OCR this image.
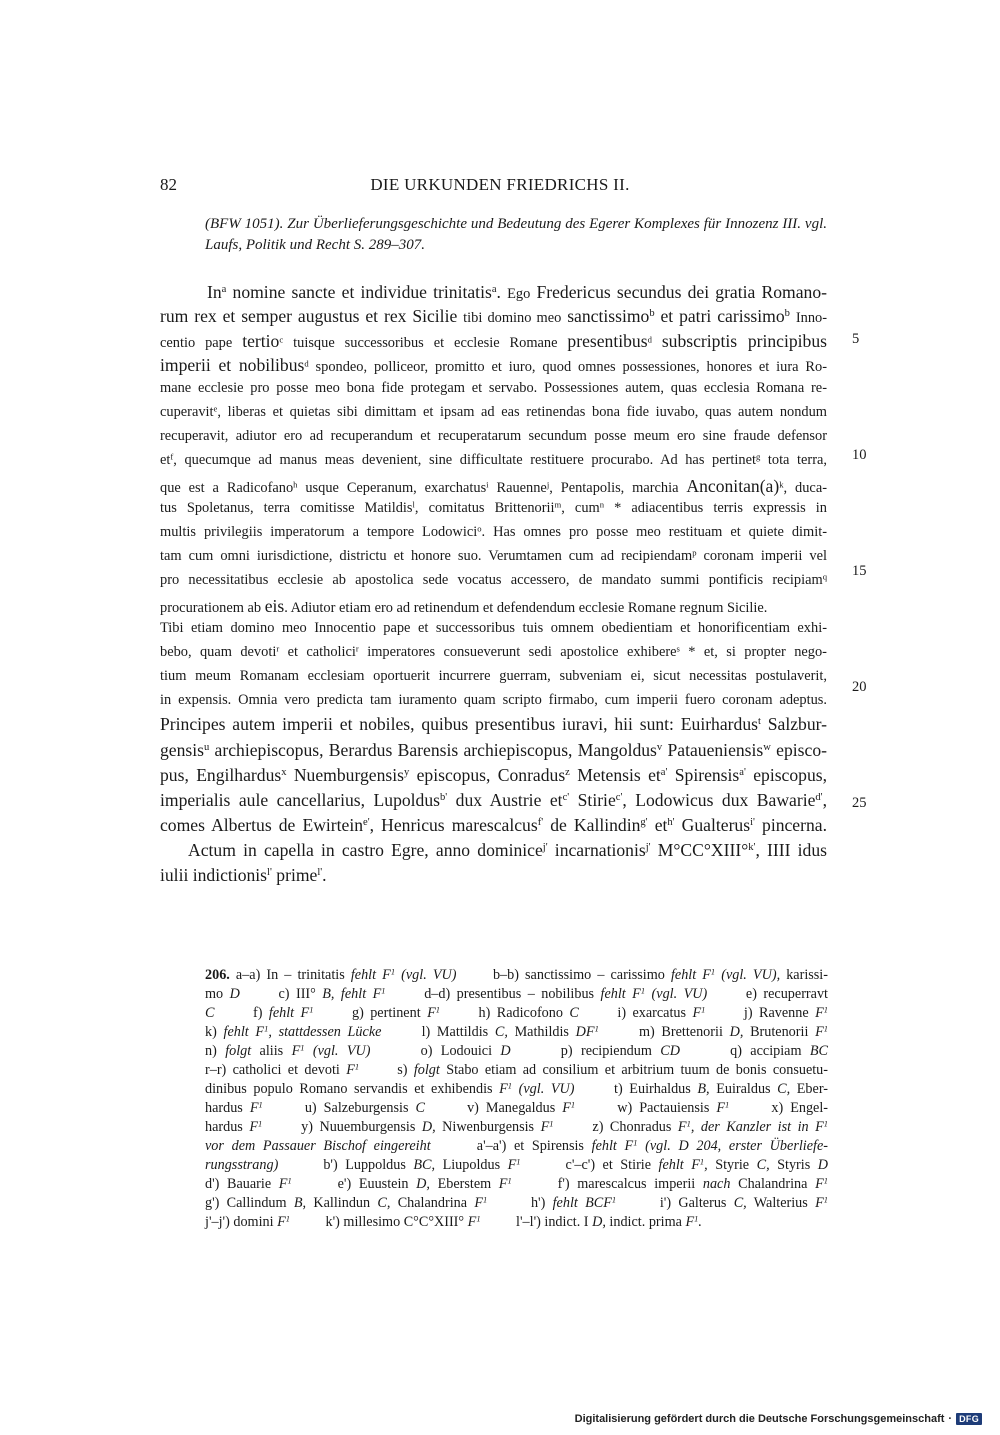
82	DIE URKUNDEN FRIEDRICHS II.
(BFW 1051). Zur Überlieferungsgeschichte und Bedeutung des Egerer Komplexes für Innozenz III. vgl. Laufs, Politik und Recht S. 289–307.
In$^a$ nomine sancte et individue trinitatis$^a$. Ego Fredericus secundus dei gratia Romano-
rum rex et semper augustus et rex Sicilie tibi domino meo sanctissimo$^b$ et patri carissimo$^b$ Inno-
centio pape tertio$^c$ tuisque successoribus et ecclesie Romane presentibus$^d$ subscriptis principibus
imperii et nobilibus$^d$ spondeo, polliceor, promitto et iuro, quod omnes possessiones, honores et iura Ro-
mane ecclesie pro posse meo bona fide protegam et servabo. Possessiones autem, quas ecclesia Romana re-
cuperavit$^e$, liberas et quietas sibi dimittam et ipsam ad eas retinendas bona fide iuvabo, quas autem nondum
recuperavit, adiutor ero ad recuperandum et recuperatarum secundum posse meum ero sine fraude defensor
$et^f$, quecumque ad manus meas devenient, sine difficultate restituere procurabo. Ad has pertinet$^g$ tota terra,
que est a Radicofano$^h$ usque Ceperanum, exarchatus$^i$ Rauenne$^j$, Pentapolis, marchia $Anconitan(a)^k$, duca-
tus Spoletanus, terra comitisse Matildis$^l$, comitatus Brittenorii$^m$, cum$^n$ * adiacentibus terris expressis in
multis privilegiis imperatorum a tempore Lodowici$^o$. Has omnes pro posse meo restituam et quiete dimit-
tam cum omni iurisdictione, districtu et honore suo. Verumtamen cum ad recipiendam$^p$ coronam imperii vel
pro necessitatibus ecclesie ab apostolica sede vocatus accessero, de mandato summi pontificis recipiam$^q$
procurationem ab eis. Adiutor etiam ero ad retinendum et defendendum ecclesie Romane regnum Sicilie.
Tibi etiam domino meo Innocentio pape et successoribus tuis omnem obedientiam et honorificentiam exhi-
bebo, quam devoti$^r$ et catholici$^r$ imperatores consueverunt sedi apostolice exhibere$^s$ * et, si propter nego-
tium meum Romanam ecclesiam oportuerit incurrere guerram, subveniam ei, sicut necessitas postulaverit,
in expensis. Omnia vero predicta tam iuramento quam scripto firmabo, cum imperii fuero coronam adeptus.
Principes autem imperii et nobiles, quibus presentibus iuravi, hii sunt: Euirhardus$^t$ Salzbur-
gensis$^u$ archiepiscopus, Berardus Barensis archiepiscopus, Mangoldus$^v$ Pataueniensis$^w$ episco-
pus, Engilhardus$^x$ Nuemburgensis$^y$ episcopus, Conradus$^z$ Metensis $et^{a'}$ Spirensis$^{a'}$ episcopus,
imperialis aule cancellarius, Lupoldus$^{b'}$ dux Austrie $et^{c'}$ Stirie$^{c'}$, Lodowicus dux Bawarie$^{d'}$,
comes Albertus de Ewirtein$^{e'}$, Henricus marescalcus$^{f'}$ de Kallindin$^{g'}$ $et^{h'}$ Gualterus$^{i'}$ pincerna.
Actum in capella in castro Egre, anno dominice$^{j'}$ incarnationis$^{j'}$ M°CC°XIII°$^{k'}$, IIII idus
iulii indictionis$^{l'}$ prime$^{l'}$.
5
10
15
20
25
206. a–a) In – trinitatis fehlt $F^1$ (vgl. VU)      b–b) sanctissimo – carissimo fehlt $F^1$ (vgl. VU), karissi-
mo D      c) III° B, fehlt $F^1$      d–d) presentibus – nobilibus fehlt $F^1$ (vgl. VU)      e) recuperravt
C      f) fehlt $F^1$      g) pertinent $F^1$      h) Radicofono C      i) exarcatus $F^1$      j) Ravenne $F^1$
k) fehlt $F^1$, stattdessen Lücke      l) Mattildis C, Mathildis $DF^1$      m) Brettenorii D, Brutenorii $F^1$
n) folgt aliis $F^1$ (vgl. VU)      o) Lodouici D      p) recipiendum CD      q) accipiam BC
r–r) catholici et devoti $F^1$      s) folgt Stabo etiam ad consilium et arbitrium tuum de bonis consuetu-
dinibus populo Romano servandis et exhibendis $F^1$ (vgl. VU)      t) Euirhaldus B, Euiraldus C, Eber-
hardus $F^1$      u) Salzeburgensis C      v) Manegaldus $F^1$      w) Pactauiensis $F^1$      x) Engel-
hardus $F^1$      y) Nuuemburgensis D, Niwenburgensis $F^1$      z) Chonradus $F^1$, der Kanzler ist in $F^1$
vor dem Passauer Bischof eingereiht      a'–a') et Spirensis fehlt $F^1$ (vgl. D 204, erster Überliefe-
rungsstrang)      b') Luppoldus BC, Liupoldus $F^1$      c'–c') et Stirie fehlt $F^1$, Styrie C, Styris D
d') Bauarie $F^1$      e') Euustein D, Eberstem $F^1$      f') marescalcus imperii nach Chalandrina $F^1$
g') Callindum B, Kallindun C, Chalandrina $F^1$      h') fehlt BCF$^1$      i') Galterus C, Walterius $F^1$
j'–j') domini $F^1$          k') millesimo C°C°XIII° $F^1$          l'–l') indict. I D, indict. prima $F^1$.
Digitalisierung gefördert durch die Deutsche Forschungsgemeinschaft · DFG
